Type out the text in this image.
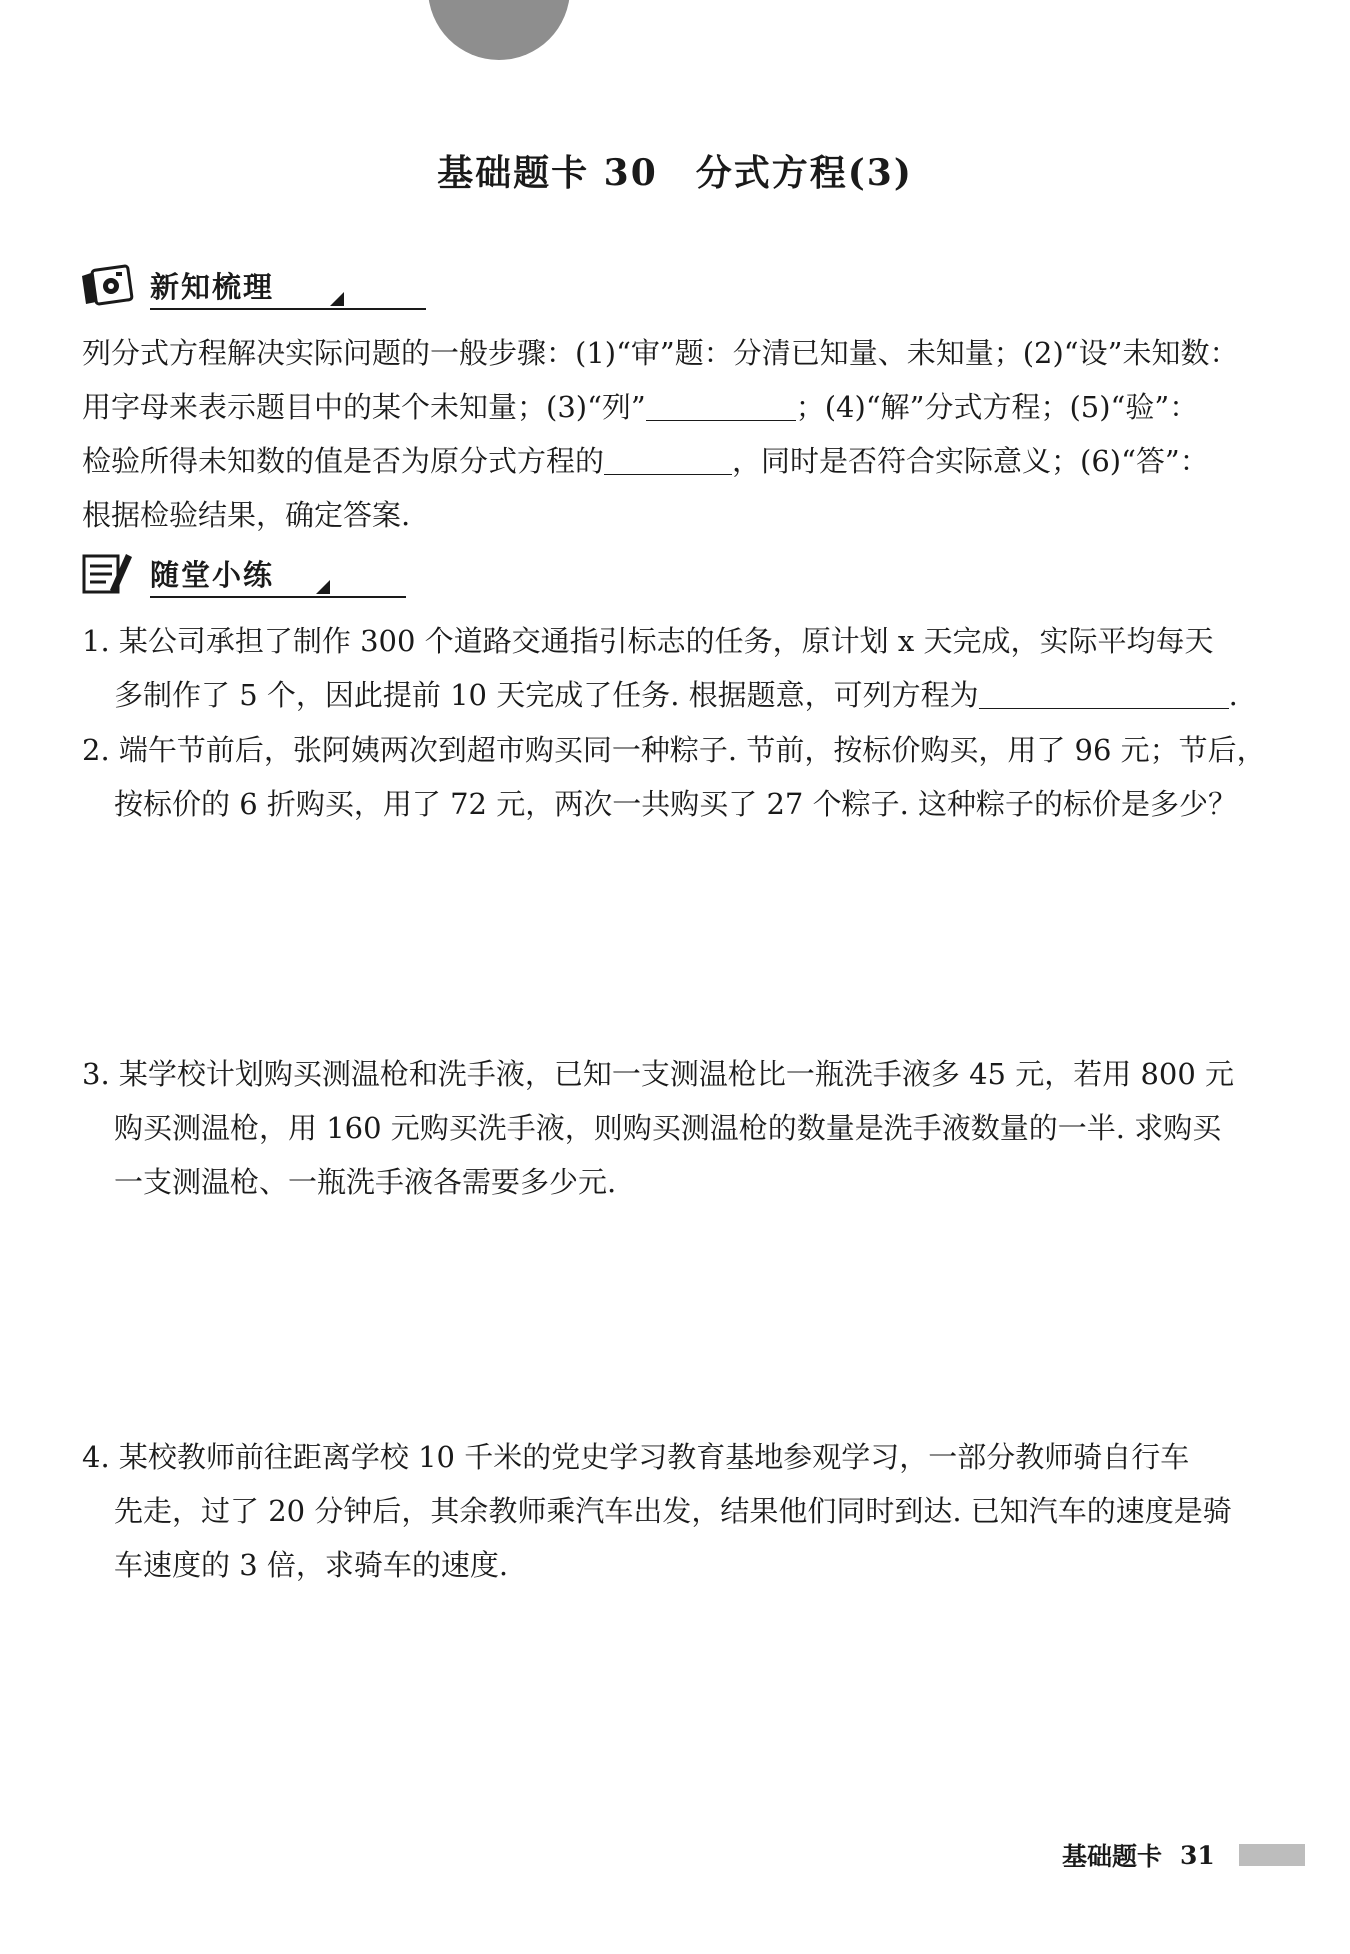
基础题卡 30　分式方程(3)
新知梳理

列分式方程解决实际问题的一般步骤：(1)“审”题：分清已知量、未知量；(2)“设”未知数：

用字母来表示题目中的某个未知量；(3)“列”	；(4)“解”分式方程；(5)“验”：

检验所得未知数的值是否为原分式方程的	，同时是否符合实际意义；(6)“答”：

根据检验结果，确定答案.

随堂小练

1. 某公司承担了制作 300 个道路交通指引标志的任务，原计划 x 天完成，实际平均每天

多制作了 5 个，因此提前 10 天完成了任务. 根据题意，可列方程为	.

2. 端午节前后，张阿姨两次到超市购买同一种粽子. 节前，按标价购买，用了 96 元；节后，

按标价的 6 折购买，用了 72 元，两次一共购买了 27 个粽子. 这种粽子的标价是多少？

3. 某学校计划购买测温枪和洗手液，已知一支测温枪比一瓶洗手液多 45 元，若用 800 元

购买测温枪，用 160 元购买洗手液，则购买测温枪的数量是洗手液数量的一半. 求购买

一支测温枪、一瓶洗手液各需要多少元.

4. 某校教师前往距离学校 10 千米的党史学习教育基地参观学习，一部分教师骑自行车

先走，过了 20 分钟后，其余教师乘汽车出发，结果他们同时到达. 已知汽车的速度是骑

车速度的 3 倍，求骑车的速度.

基础题卡 31
